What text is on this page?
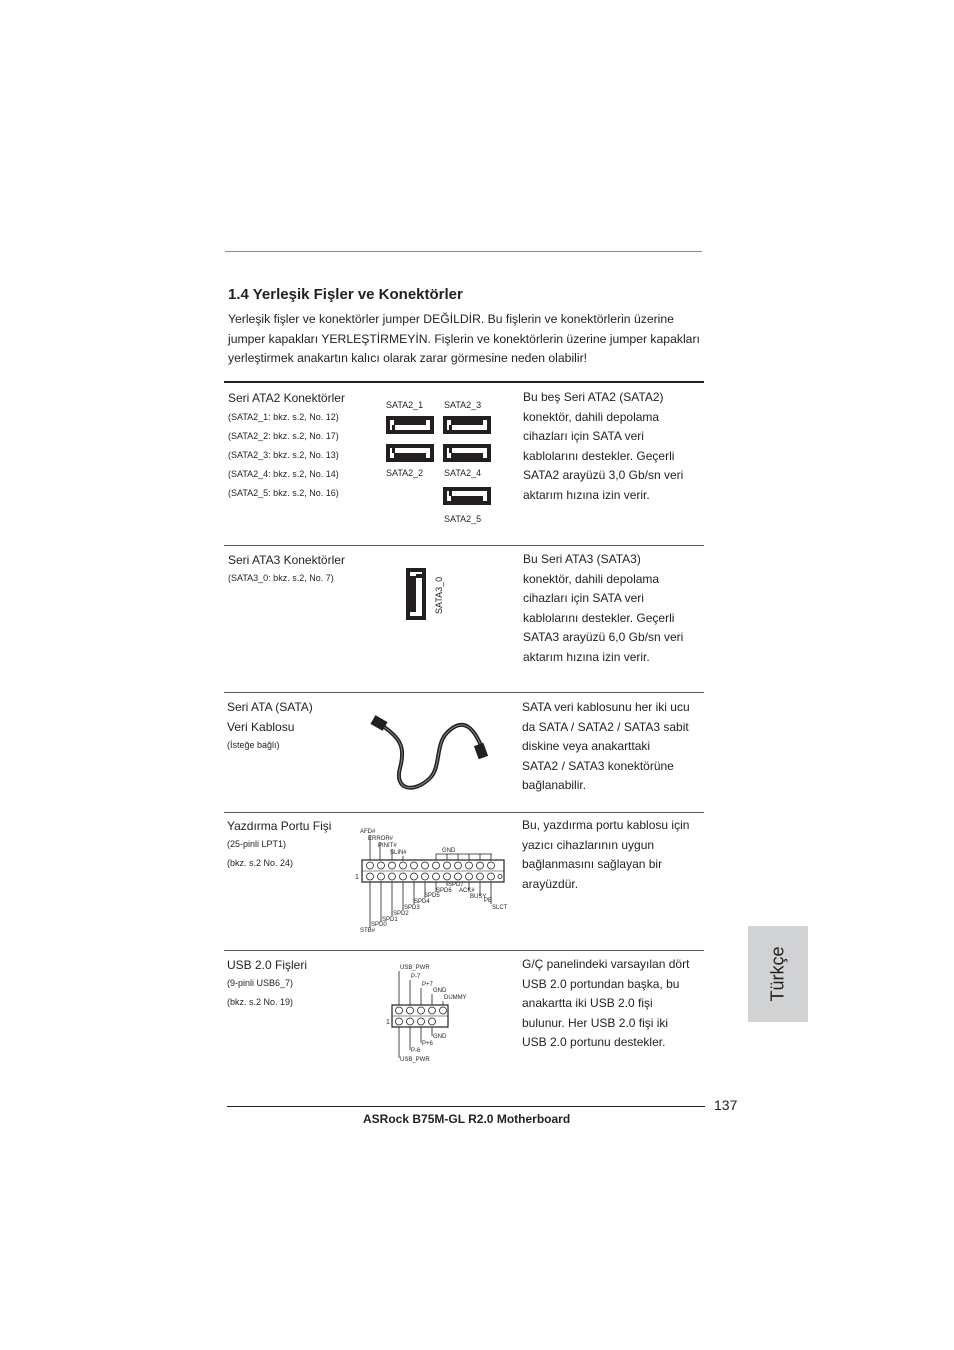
1.4 Yerleşik Fişler ve Konektörler
Yerleşik fişler ve konektörler jumper DEĞİLDİR. Bu fişlerin ve konektörlerin üzerine jumper kapakları YERLEŞTİRMEYİN. Fişlerin ve konektörlerin üzerine jumper kapakları yerleştirmek anakartın kalıcı olarak zarar görmesine neden olabilir!
Seri ATA2 Konektörler
(SATA2_1: bkz. s.2, No. 12)
(SATA2_2: bkz. s.2, No. 17)
(SATA2_3: bkz. s.2, No. 13)
(SATA2_4: bkz. s.2, No. 14)
(SATA2_5: bkz. s.2, No. 16)
SATA2_1 SATA2_3
SATA2_2 SATA2_4
SATA2_5
Bu beş Seri ATA2 (SATA2)
konektör, dahili depolama
cihazları için SATA veri
kablolarını destekler. Geçerli
SATA2 arayüzü 3,0 Gb/sn veri
aktarım hızına izin verir.
Seri ATA3 Konektörler
(SATA3_0: bkz. s.2, No. 7)	SATA3_0
Bu Seri ATA3 (SATA3)
konektör, dahili depolama
cihazları için SATA veri
kablolarını destekler. Geçerli
SATA3 arayüzü 6,0 Gb/sn veri
aktarım hızına izin verir.
Seri ATA (SATA)
Veri Kablosu
(İsteğe bağlı)
SATA veri kablosunu her iki ucu
da SATA / SATA2 / SATA3 sabit
diskine veya anakarttaki
SATA2 / SATA3 konektörüne
bağlanabilir.
Yazdırma Portu Fişi
(25-pinli LPT1)
(bkz. s.2 No. 24)
AFD#
ERROR#
PINIT#
SLIN#	GND
1
SPD7
ACK#
BUSY
PE
SLCT
SPD6
SPD5
SPD4
SPD3
SPD2
SPD1
SPD0
STB#
Bu, yazdırma portu kablosu için
yazıcı cihazlarının uygun
bağlanmasını sağlayan bir
arayüzdür.
USB 2.0 Fişleri
(9-pinli USB6_7)
(bkz. s.2 No. 19)
USB_PWR
P-7
P+7
GND
DUMMY
1
GND
P+6
P-6
USB_PWR
G/Ç panelindeki varsayılan dört
USB 2.0 portundan başka, bu
anakartta iki USB 2.0 fişi
bulunur. Her USB 2.0 fişi iki
USB 2.0 portunu destekler.
Türkçe
137
ASRock B75M-GL R2.0 Motherboard
